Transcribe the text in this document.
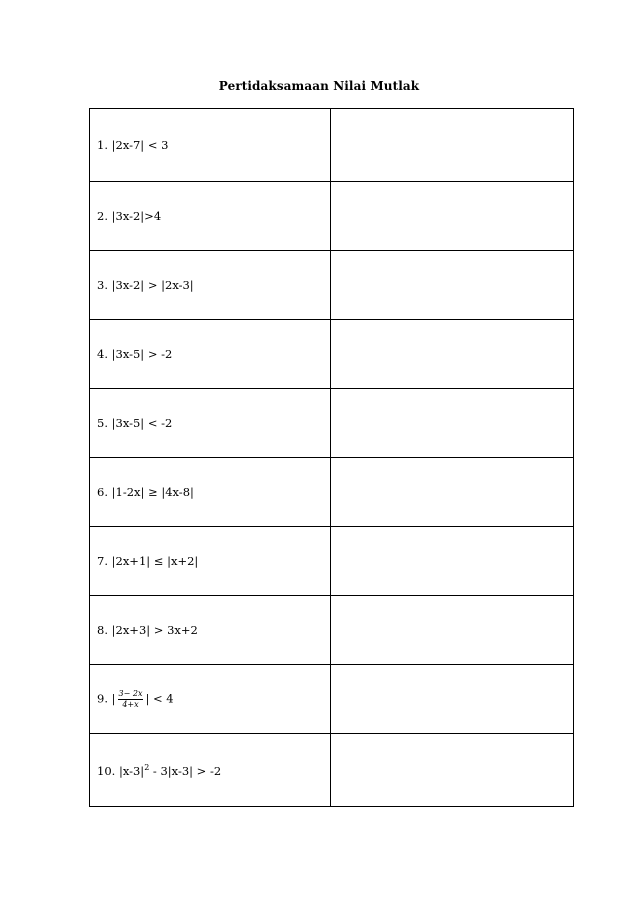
Pertidaksamaan Nilai Mutlak
1. |2x-7| < 3	
2. |3x-2|>4	
3. |3x-2| > |2x-3|	
4. |3x-5| > -2	
5. |3x-5| < -2	
6. |1-2x| ≥ |4x-8|	
7. |2x+1| ≤ |x+2|	
8. |2x+3| > 3x+2	
9. | $\frac{3- 2x}{4+x}$ | < 4	
10. $|x-3|^2 - 3|x-3| > -2$	
